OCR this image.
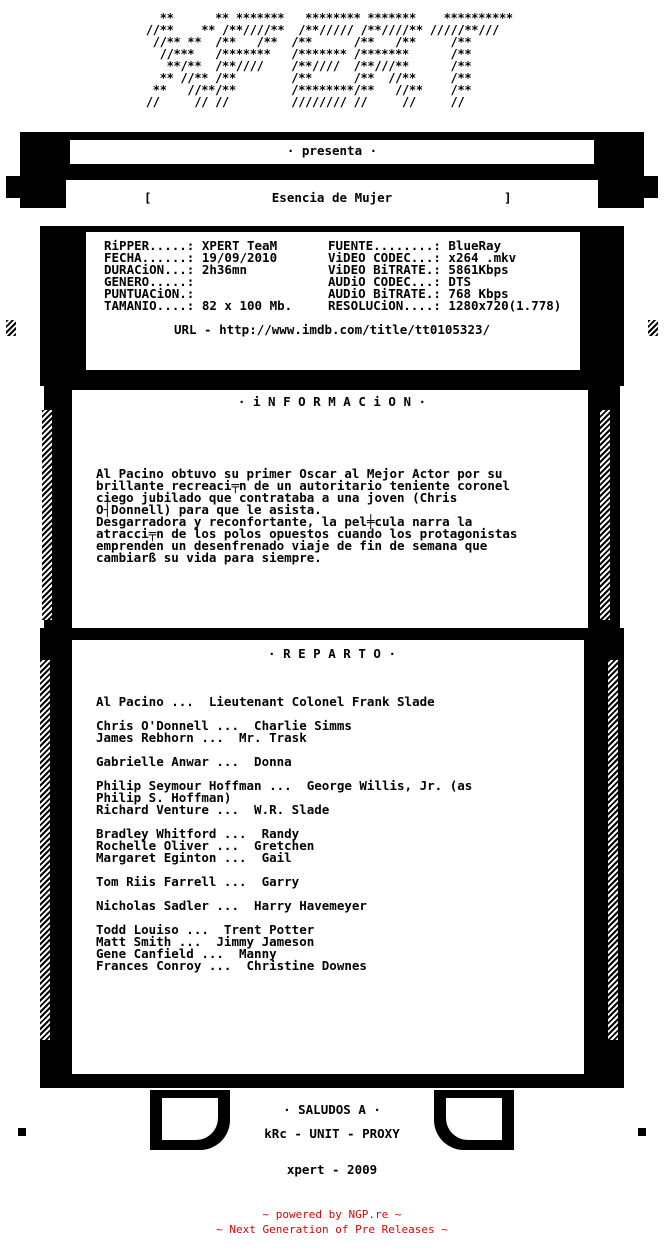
**      ** *******   ******** *******    **********
//**    ** /**////**  /**///// /**////** /////**///
//** **  /**   /**  /**      /**   /**     /**
//***   /*******   /******* /*******      /**
**/**  /**////    /**////  /**///**      /**
** //** /**        /**      /**  //**     /**
**   //**/**        /********/**   //**    /**
//     // //         //////// //     //     //
· presenta ·
[	Esencia de Mujer	]

RiPPER.....: XPERT TeaM
FECHA......: 19/09/2010
DURACiON...: 2h36mn
GENERO.....:
PUNTUACiON.:
TAMANIO....: 82 x 100 Mb.

FUENTE........: BlueRay
ViDEO CODEC...: x264 .mkv
ViDEO BiTRATE.: 5861Kbps
AUDiO CODEC...: DTS
AUDiO BiTRATE.: 768 Kbps
RESOLUCiON....: 1280x720(1.778)

URL - http://www.imdb.com/title/tt0105323/
· i N F O R M A C i O N ·
Al Pacino obtuvo su primer Oscar al Mejor Actor por su
brillante recreaci╤n de un autoritario teniente coronel
ciego jubilado que contrataba a una joven (Chris
O┤Donnell) para que le asista.
Desgarradora y reconfortante, la pel╪cula narra la
atracci╤n de los polos opuestos cuando los protagonistas
emprenden un desenfrenado viaje de fin de semana que
cambiarß su vida para siempre.
· R E P A R T O ·
Al Pacino ...  Lieutenant Colonel Frank Slade
Chris O'Donnell ...  Charlie Simms
James Rebhorn ...  Mr. Trask
Gabrielle Anwar ...  Donna
Philip Seymour Hoffman ...  George Willis, Jr. (as
Philip S. Hoffman)
Richard Venture ...  W.R. Slade
Bradley Whitford ...  Randy
Rochelle Oliver ...  Gretchen
Margaret Eginton ...  Gail
Tom Riis Farrell ...  Garry
Nicholas Sadler ...  Harry Havemeyer
Todd Louiso ...  Trent Potter
Matt Smith ...  Jimmy Jameson
Gene Canfield ...  Manny
Frances Conroy ...  Christine Downes
· SALUDOS A ·
kRc - UNIT - PROXY
xpert - 2009
~ powered by NGP.re ~
~ Next Generation of Pre Releases ~
